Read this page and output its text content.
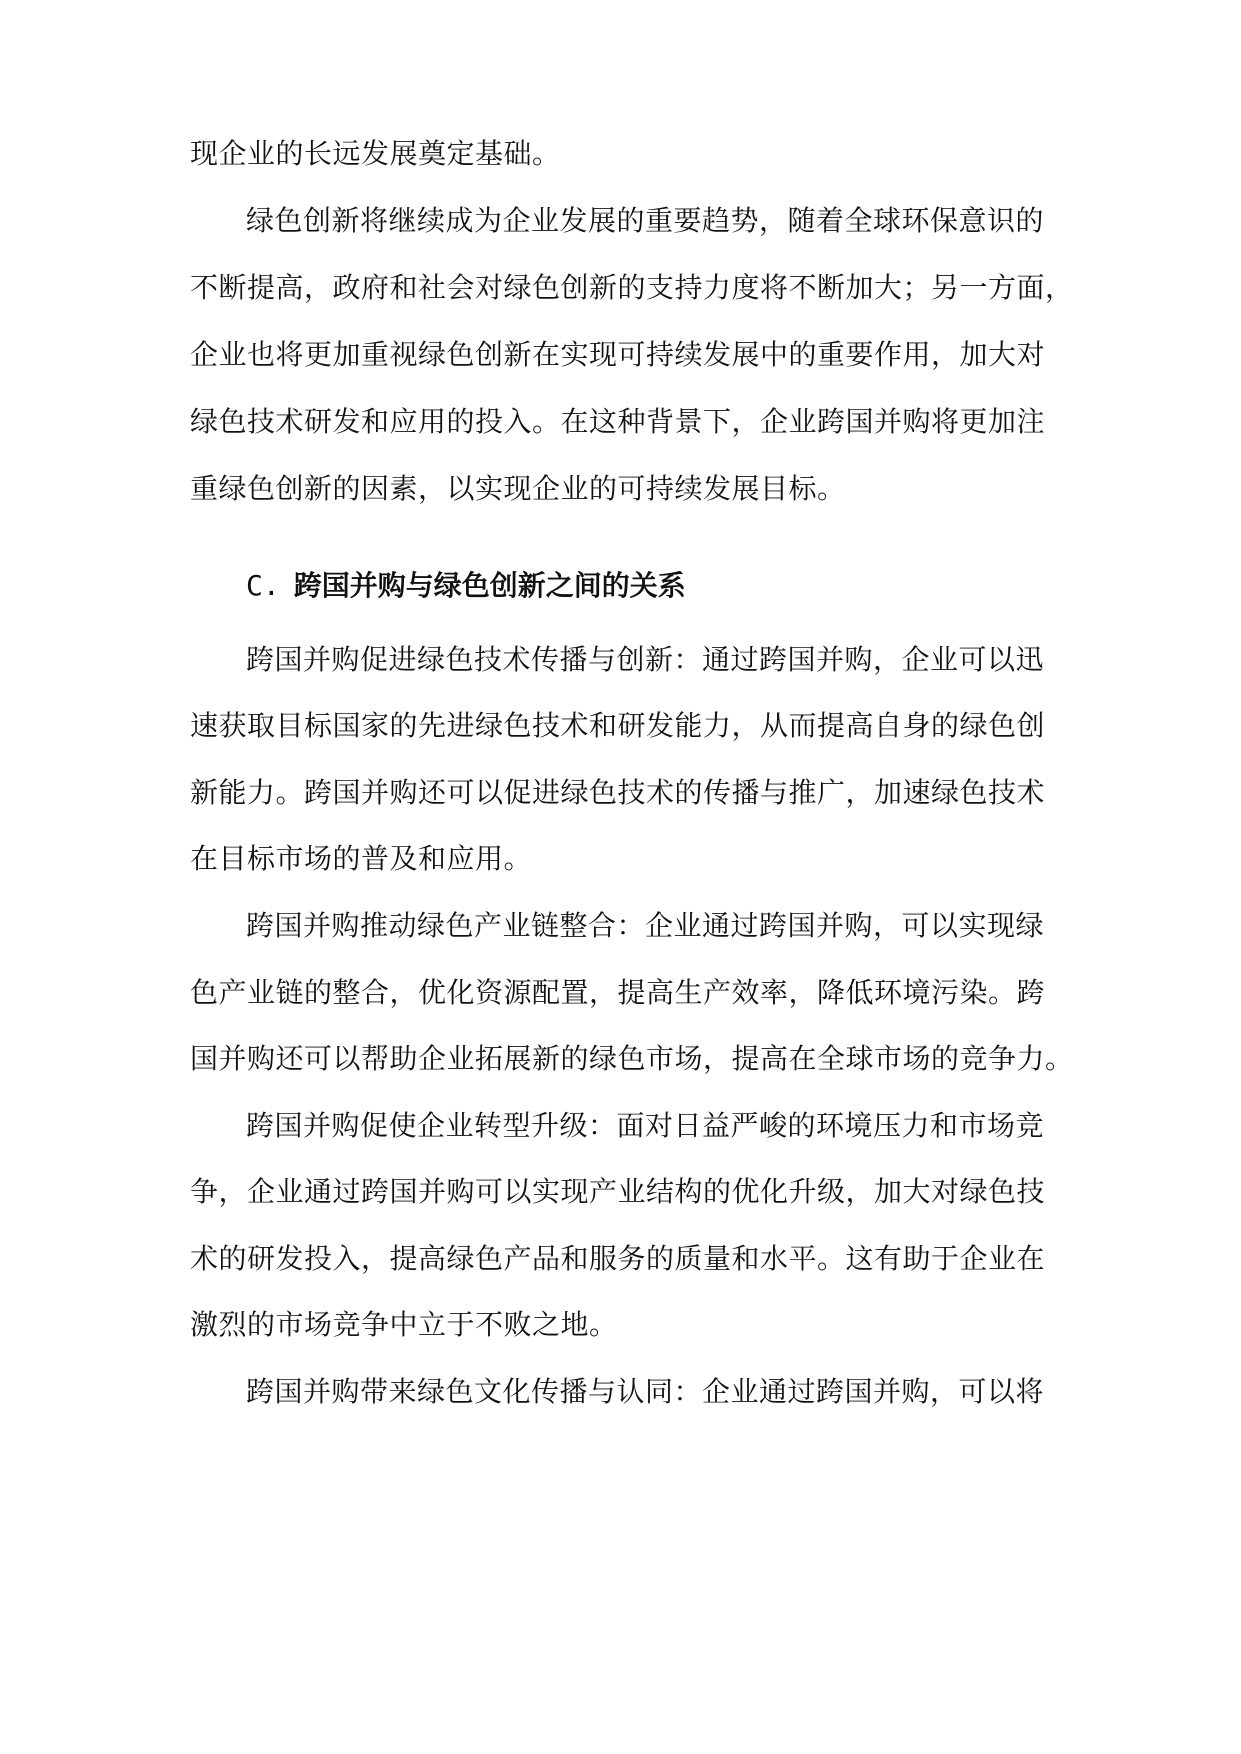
现企业的长远发展奠定基础。
绿色创新将继续成为企业发展的重要趋势，随着全球环保意识的
不断提高，政府和社会对绿色创新的支持力度将不断加大；另一方面，
企业也将更加重视绿色创新在实现可持续发展中的重要作用，加大对
绿色技术研发和应用的投入。在这种背景下，企业跨国并购将更加注
重绿色创新的因素，以实现企业的可持续发展目标。
C. 跨国并购与绿色创新之间的关系
跨国并购促进绿色技术传播与创新：通过跨国并购，企业可以迅
速获取目标国家的先进绿色技术和研发能力，从而提高自身的绿色创
新能力。跨国并购还可以促进绿色技术的传播与推广，加速绿色技术
在目标市场的普及和应用。
跨国并购推动绿色产业链整合：企业通过跨国并购，可以实现绿
色产业链的整合，优化资源配置，提高生产效率，降低环境污染。跨
国并购还可以帮助企业拓展新的绿色市场，提高在全球市场的竞争力。
跨国并购促使企业转型升级：面对日益严峻的环境压力和市场竞
争，企业通过跨国并购可以实现产业结构的优化升级，加大对绿色技
术的研发投入，提高绿色产品和服务的质量和水平。这有助于企业在
激烈的市场竞争中立于不败之地。
跨国并购带来绿色文化传播与认同：企业通过跨国并购，可以将
